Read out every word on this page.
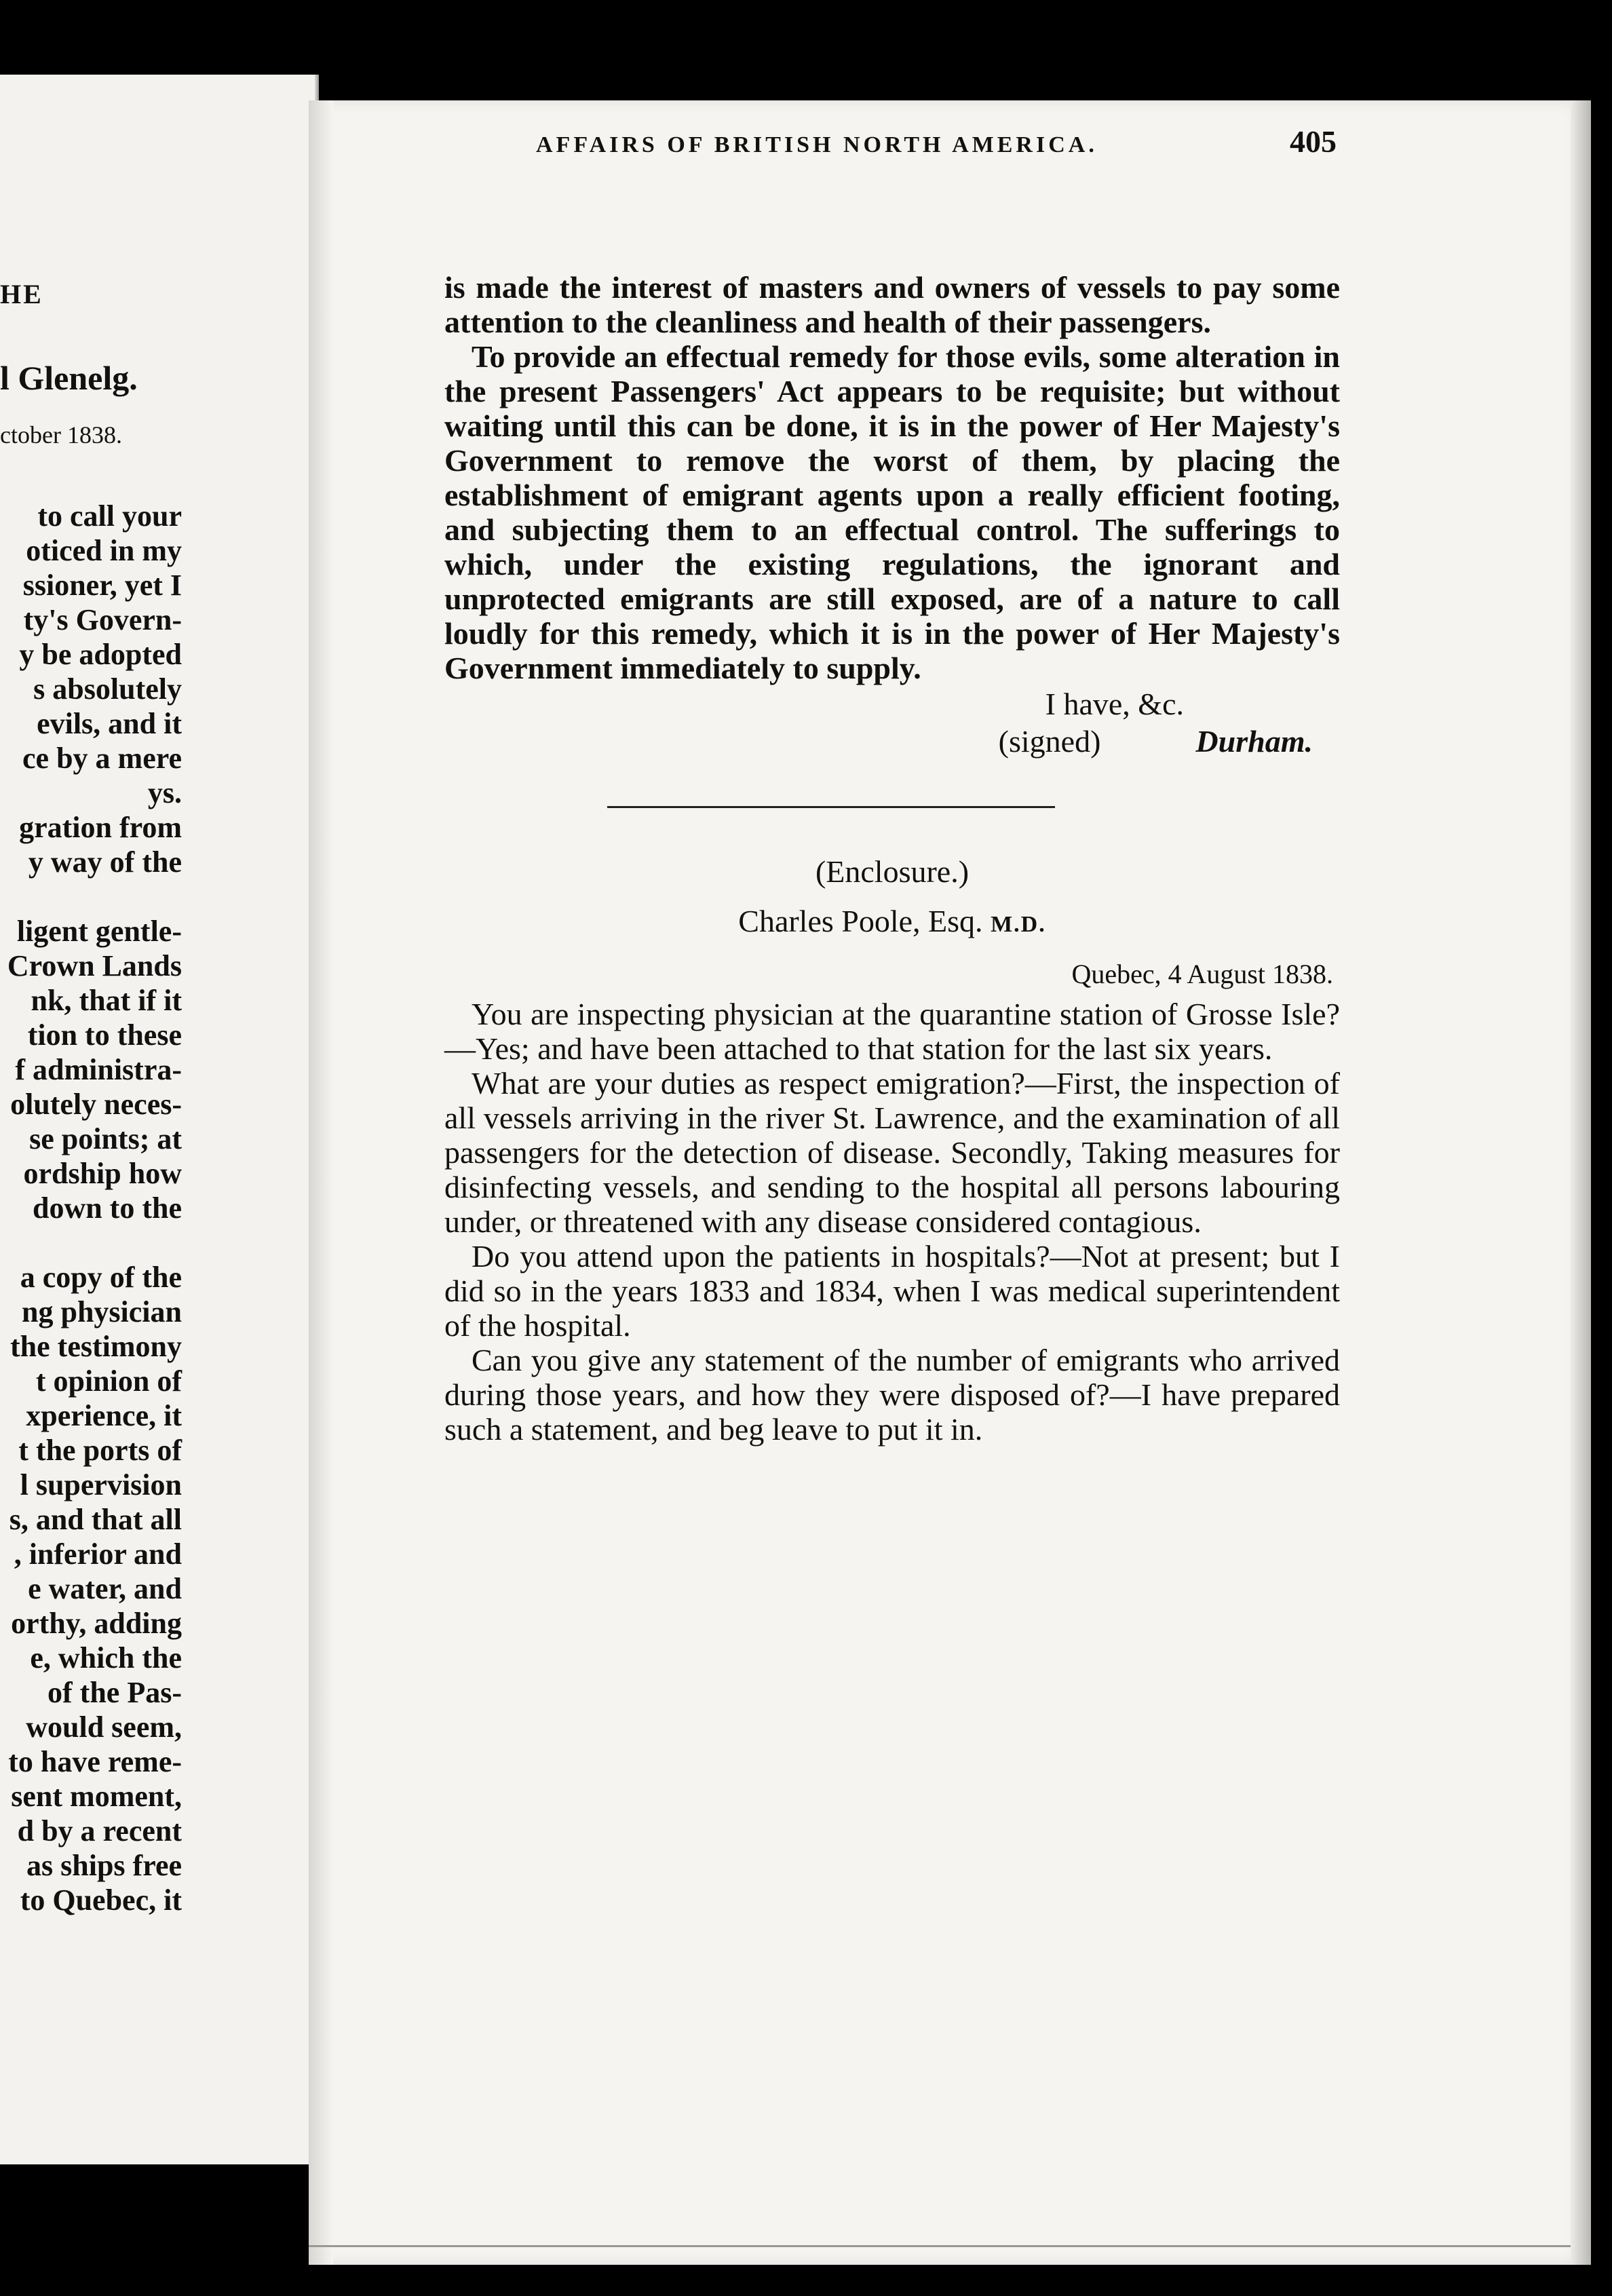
HE
l Glenelg.
ctober 1838.
to call your
oticed in my
ssioner, yet I
ty's Govern-
y be adopted
s absolutely
evils, and it
ce by a mere
ys.
gration from
y way of the
ligent gentle-
Crown Lands
nk, that if it
tion to these
f administra-
olutely neces-
se points; at
ordship how
down to the
a copy of the
ng physician
the testimony
t opinion of
xperience, it
t the ports of
l supervision
s, and that all
, inferior and
e water, and
orthy, adding
e, which the
of the Pas-
would seem,
to have reme-
sent moment,
d by a recent
as ships free
to Quebec, it
AFFAIRS OF BRITISH NORTH AMERICA.	405

is made the interest of masters and owners of vessels to pay some attention to the cleanliness and health of their passengers.

To provide an effectual remedy for those evils, some alteration in the present Passengers' Act appears to be requisite; but without waiting until this can be done, it is in the power of Her Majesty's Government to remove the worst of them, by placing the establishment of emigrant agents upon a really efficient footing, and subjecting them to an effectual control. The sufferings to which, under the existing regulations, the ignorant and unprotected emigrants are still exposed, are of a nature to call loudly for this remedy, which it is in the power of Her Majesty's Government immediately to supply.

I have, &c.
(signed)	Durham.
(Enclosure.)
Charles Poole, Esq. M.D.
Quebec, 4 August 1838.

You are inspecting physician at the quarantine station of Grosse Isle?—Yes; and have been attached to that station for the last six years.

What are your duties as respect emigration?—First, the inspection of all vessels arriving in the river St. Lawrence, and the examination of all passengers for the detection of disease. Secondly, Taking measures for disinfecting vessels, and sending to the hospital all persons labouring under, or threatened with any disease considered contagious.

Do you attend upon the patients in hospitals?—Not at present; but I did so in the years 1833 and 1834, when I was medical superintendent of the hospital.

Can you give any statement of the number of emigrants who arrived during those years, and how they were disposed of?—I have prepared such a statement, and beg leave to put it in.
